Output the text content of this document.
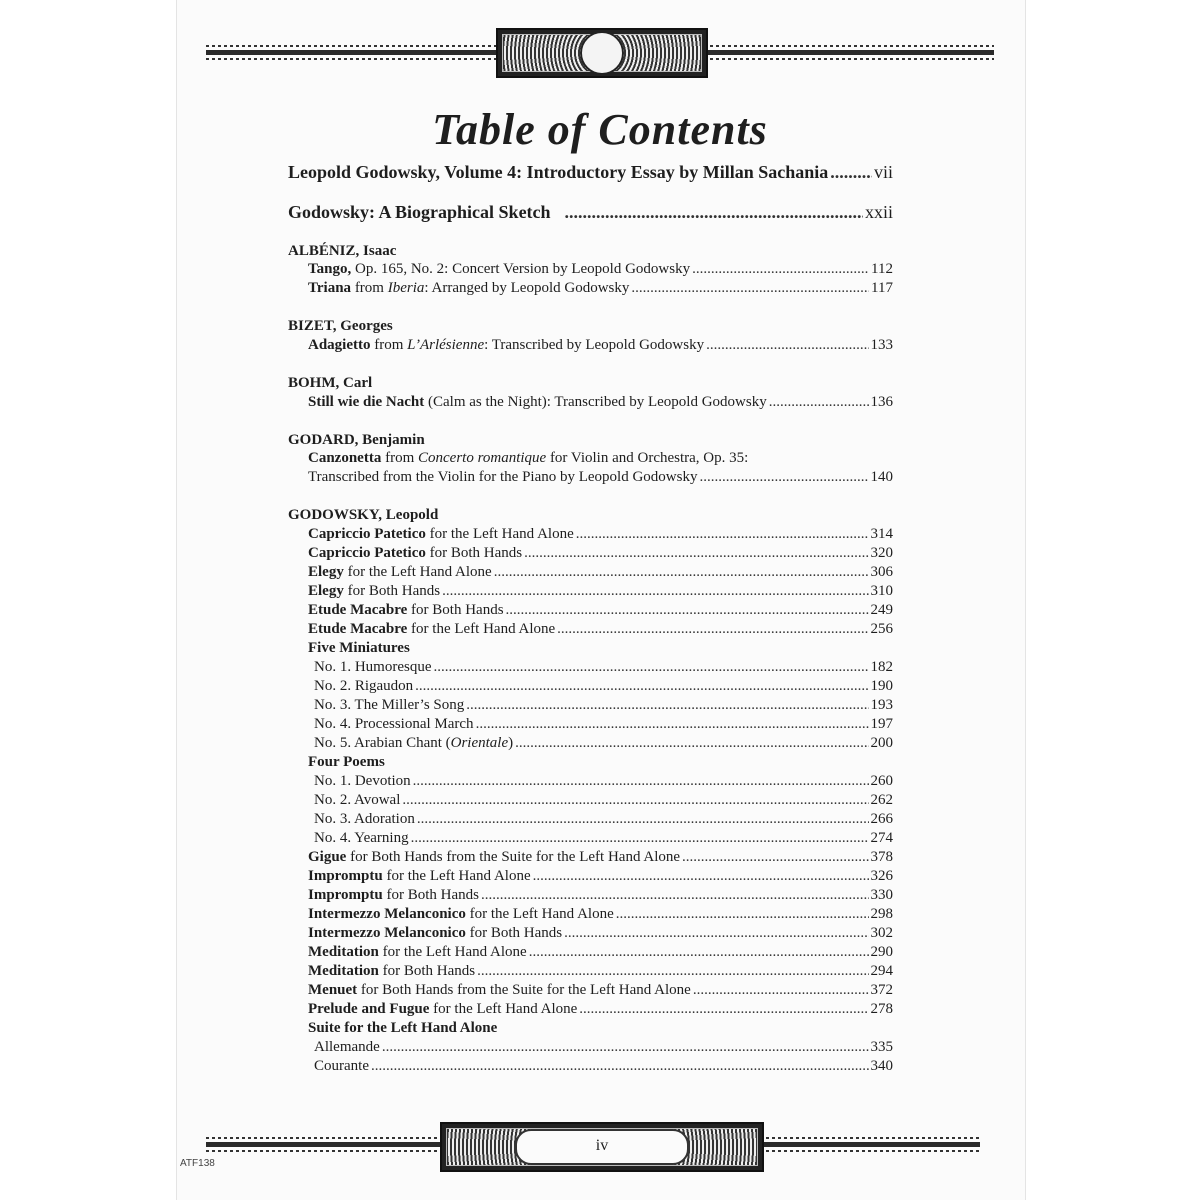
Table of Contents
Leopold Godowsky, Volume 4: Introductory Essay by Millan Sachania .....	vii
Godowsky: A Biographical Sketch .....	xxii
ALBÉNIZ, Isaac
Tango, Op. 165, No. 2: Concert Version by Leopold Godowsky .....	112
Triana from Iberia: Arranged by Leopold Godowsky .....	117
BIZET, Georges
Adagietto from L’Arlésienne: Transcribed by Leopold Godowsky .....	133
BOHM, Carl
Still wie die Nacht (Calm as the Night): Transcribed by Leopold Godowsky .....	136
GODARD, Benjamin
Canzonetta from Concerto romantique for Violin and Orchestra, Op. 35:
Transcribed from the Violin for the Piano by Leopold Godowsky .....	140
GODOWSKY, Leopold
Capriccio Patetico for the Left Hand Alone .....	314
Capriccio Patetico for Both Hands .....	320
Elegy for the Left Hand Alone .....	306
Elegy for Both Hands .....	310
Etude Macabre for Both Hands .....	249
Etude Macabre for the Left Hand Alone .....	256
Five Miniatures
No. 1. Humoresque .....	182
No. 2. Rigaudon .....	190
No. 3. The Miller’s Song .....	193
No. 4. Processional March .....	197
No. 5. Arabian Chant (Orientale) .....	200
Four Poems
No. 1. Devotion .....	260
No. 2. Avowal .....	262
No. 3. Adoration .....	266
No. 4. Yearning .....	274
Gigue for Both Hands from the Suite for the Left Hand Alone .....	378
Impromptu for the Left Hand Alone .....	326
Impromptu for Both Hands .....	330
Intermezzo Melanconico for the Left Hand Alone .....	298
Intermezzo Melanconico for Both Hands .....	302
Meditation for the Left Hand Alone .....	290
Meditation for Both Hands .....	294
Menuet for Both Hands from the Suite for the Left Hand Alone .....	372
Prelude and Fugue for the Left Hand Alone .....	278
Suite for the Left Hand Alone
Allemande .....	335
Courante .....	340
iv
ATF138
